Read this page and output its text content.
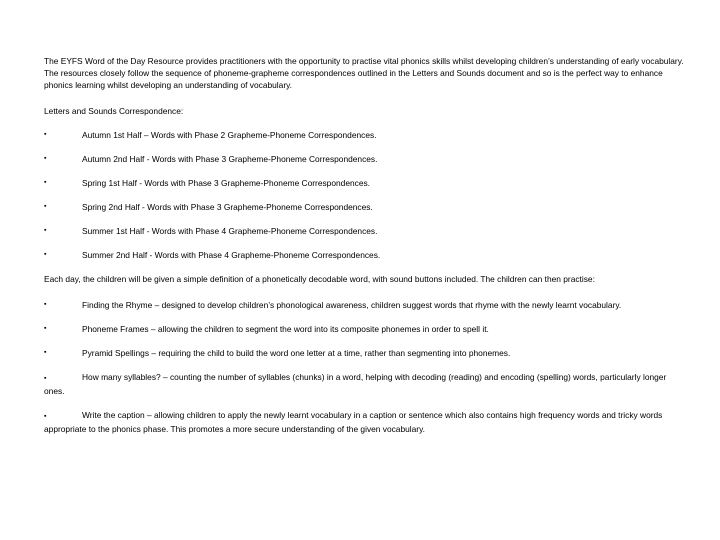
The EYFS Word of the Day Resource provides practitioners with the opportunity to practise vital phonics skills whilst developing children’s understanding of early vocabulary. The resources closely follow the sequence of phoneme-grapheme correspondences outlined in the Letters and Sounds document and so is the perfect way to enhance phonics learning whilst developing an understanding of vocabulary.

Letters and Sounds Correspondence:

▪	Autumn 1st Half – Words with Phase 2 Grapheme-Phoneme Correspondences.
▪	Autumn 2nd Half - Words with Phase 3 Grapheme-Phoneme Correspondences.
▪	Spring 1st Half - Words with Phase 3 Grapheme-Phoneme Correspondences.
▪	Spring 2nd Half - Words with Phase 3 Grapheme-Phoneme Correspondences.
▪	Summer 1st Half - Words with Phase 4 Grapheme-Phoneme Correspondences.
▪	Summer 2nd Half - Words with Phase 4 Grapheme-Phoneme Correspondences.

Each day, the children will be given a simple definition of a phonetically decodable word, with sound buttons included. The children can then practise:

▪	Finding the Rhyme – designed to develop children’s phonological awareness, children suggest words that rhyme with the newly learnt vocabulary.
▪	Phoneme Frames – allowing the children to segment the word into its composite phonemes in order to spell it.
▪	Pyramid Spellings – requiring the child to build the word one letter at a time, rather than segmenting into phonemes.
▪	How many syllables? – counting the number of syllables (chunks) in a word, helping with decoding (reading) and encoding (spelling) words, particularly longer ones.
▪	Write the caption – allowing children to apply the newly learnt vocabulary in a caption or sentence which also contains high frequency words and tricky words appropriate to the phonics phase. This promotes a more secure understanding of the given vocabulary.
